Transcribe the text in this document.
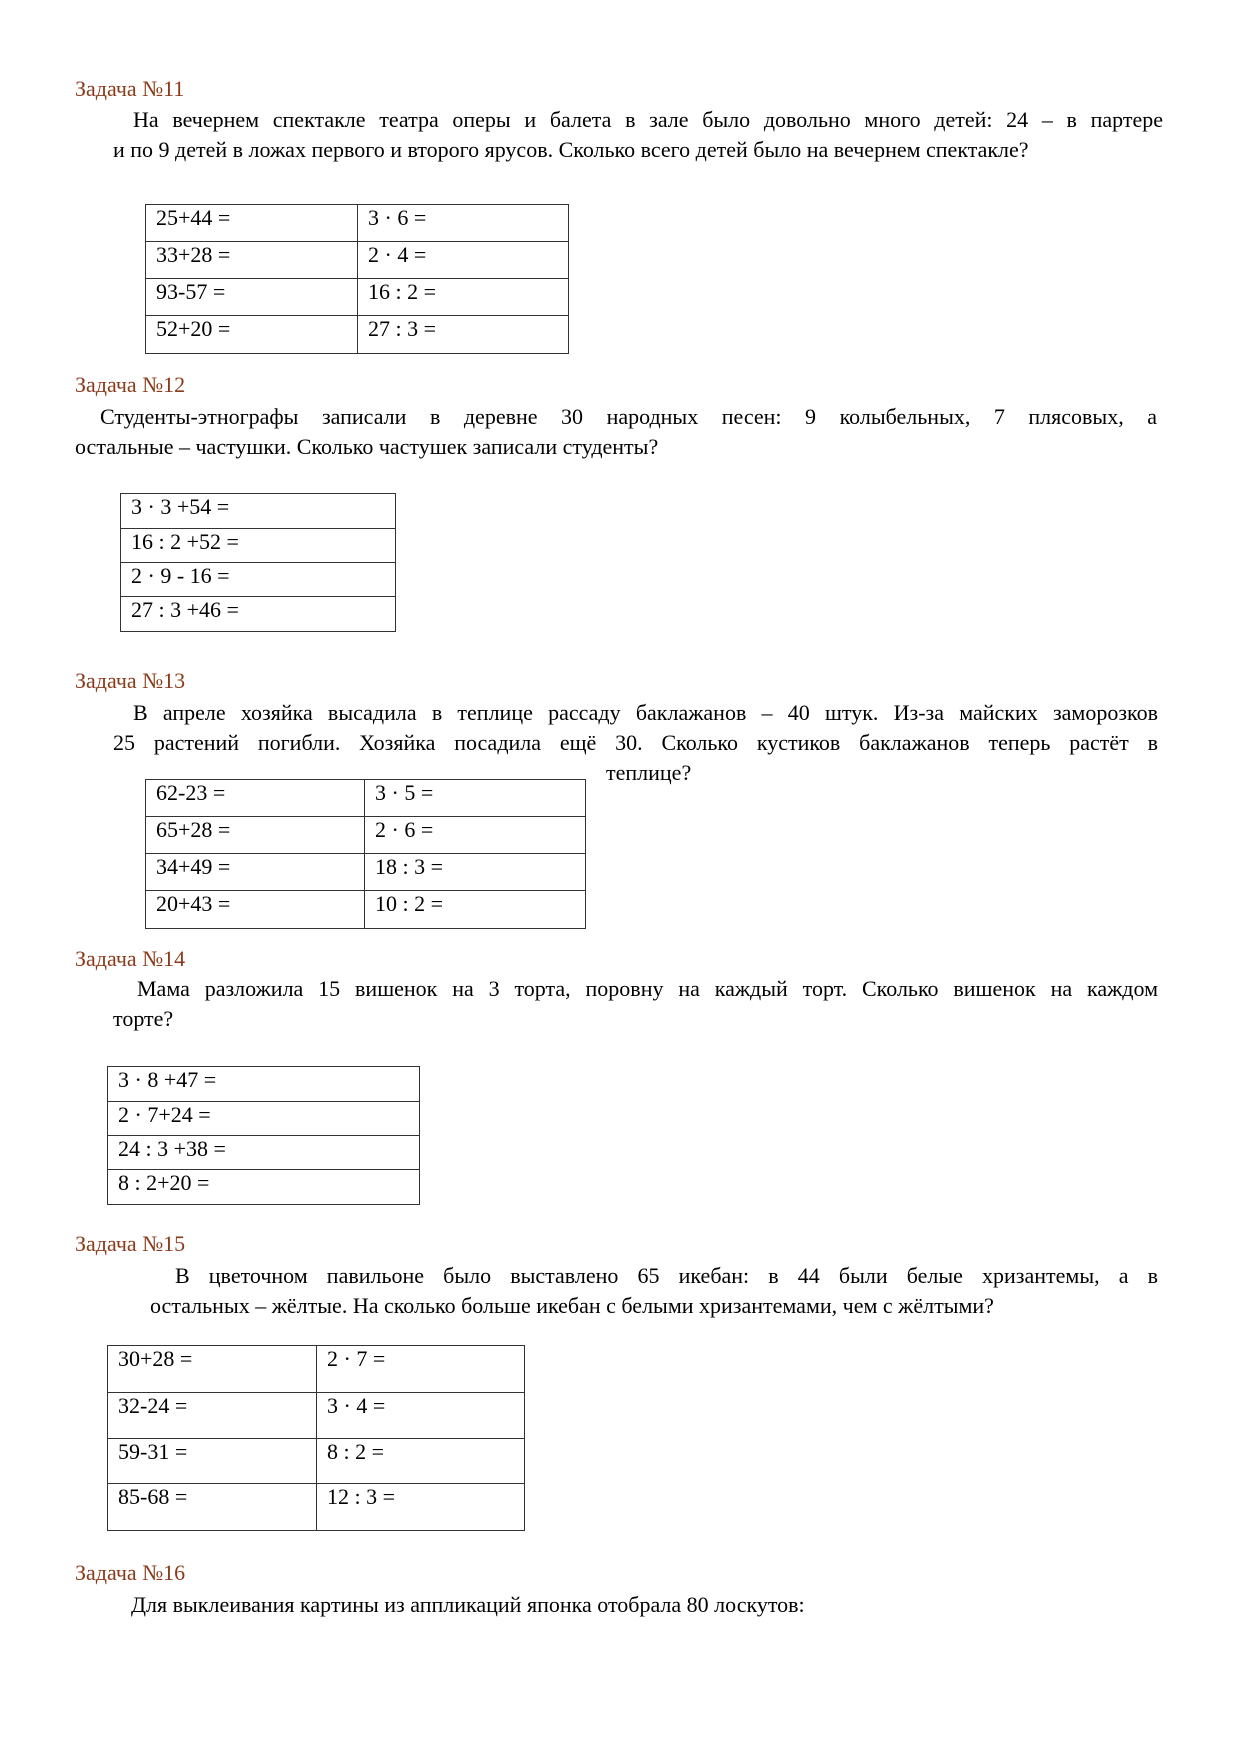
Задача №11
На вечернем спектакле театра оперы и балета в зале было довольно много детей: 24 – в партере
и по 9 детей в ложах первого и второго ярусов. Сколько всего детей было на вечернем спектакле?
25+44 =	3 · 6 =
33+28 =	2 · 4 =
93-57 =	16 : 2 =
52+20 =	27 : 3 =
Задача №12
Студенты-этнографы записали в деревне 30 народных песен: 9 колыбельных, 7 плясовых, а
остальные – частушки. Сколько частушек записали студенты?
3 · 3 +54 =
16 : 2 +52 =
2 · 9 - 16 =
27 : 3 +46 =
Задача №13
В апреле хозяйка высадила в теплице рассаду баклажанов – 40 штук. Из-за майских заморозков
25 растений погибли. Хозяйка посадила ещё 30. Сколько кустиков баклажанов теперь растёт в
теплице?
62-23 =	3 · 5 =
65+28 =	2 · 6 =
34+49 =	18 : 3 =
20+43 =	10 : 2 =
Задача №14
Мама разложила 15 вишенок на 3 торта, поровну на каждый торт. Сколько вишенок на каждом
торте?
3 · 8 +47 =
2 · 7+24 =
24 : 3 +38 =
8 : 2+20 =
Задача №15
В цветочном павильоне было выставлено 65 икебан: в 44 были белые хризантемы, а в
остальных – жёлтые. На сколько больше икебан с белыми хризантемами, чем с жёлтыми?
30+28 =	2 · 7 =
32-24 =	3 · 4 =
59-31 =	8 : 2 =
85-68 =	12 : 3 =
Задача №16
Для выклеивания картины из аппликаций японка отобрала 80 лоскутов:
